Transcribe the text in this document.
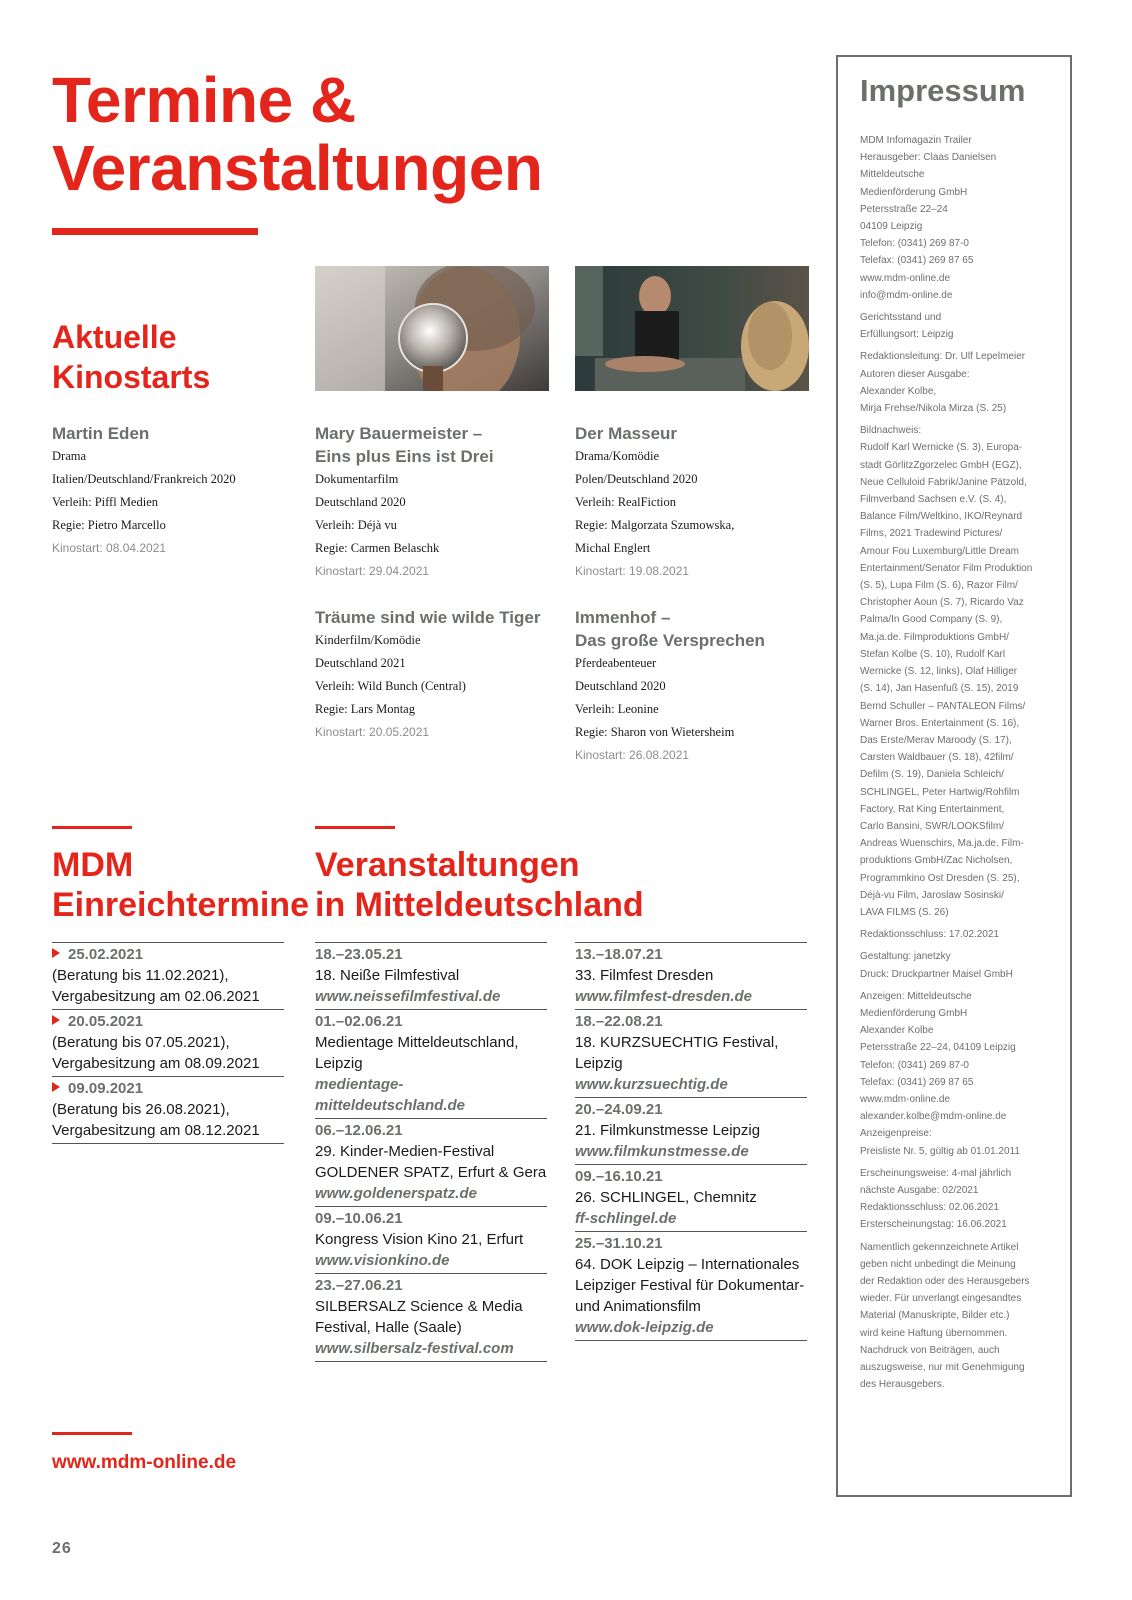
Termine &
Veranstaltungen
Aktuelle
Kinostarts
Martin Eden
Drama
Italien/Deutschland/Frankreich 2020
Verleih: Piffl Medien
Regie: Pietro Marcello
Kinostart: 08.04.2021
Mary Bauermeister –
Eins plus Eins ist Drei
Dokumentarfilm
Deutschland 2020
Verleih: Déjà vu
Regie: Carmen Belaschk
Kinostart: 29.04.2021
Der Masseur
Drama/Komödie
Polen/Deutschland 2020
Verleih: RealFiction
Regie: Malgorzata Szumowska,
Michal Englert
Kinostart: 19.08.2021
Träume sind wie wilde Tiger
Kinderfilm/Komödie
Deutschland 2021
Verleih: Wild Bunch (Central)
Regie: Lars Montag
Kinostart: 20.05.2021
Immenhof –
Das große Versprechen
Pferdeabenteuer
Deutschland 2020
Verleih: Leonine
Regie: Sharon von Wietersheim
Kinostart: 26.08.2021
MDM
Einreichtermine
25.02.2021
(Beratung bis 11.02.2021),
Vergabesitzung am 02.06.2021
20.05.2021
(Beratung bis 07.05.2021),
Vergabesitzung am 08.09.2021
09.09.2021
(Beratung bis 26.08.2021),
Vergabesitzung am 08.12.2021
Veranstaltungen
in Mitteldeutschland
18.–23.05.21
18. Neiße Filmfestival
www.neissefilmfestival.de
01.–02.06.21
Medientage Mitteldeutschland,
Leipzig
medientage-mitteldeutschland.de
06.–12.06.21
29. Kinder-Medien-Festival
GOLDENER SPATZ, Erfurt & Gera
www.goldenerspatz.de
09.–10.06.21
Kongress Vision Kino 21, Erfurt
www.visionkino.de
23.–27.06.21
SILBERSALZ Science & Media
Festival, Halle (Saale)
www.silbersalz-festival.com
13.–18.07.21
33. Filmfest Dresden
www.filmfest-dresden.de
18.–22.08.21
18. KURZSUECHTIG Festival,
Leipzig
www.kurzsuechtig.de
20.–24.09.21
21. Filmkunstmesse Leipzig
www.filmkunstmesse.de
09.–16.10.21
26. SCHLINGEL, Chemnitz
ff-schlingel.de
25.–31.10.21
64. DOK Leipzig – Internationales
Leipziger Festival für Dokumentar-
und Animationsfilm
www.dok-leipzig.de
Impressum
MDM Infomagazin Trailer
Herausgeber: Claas Danielsen
Mitteldeutsche
Medienförderung GmbH
Petersstraße 22–24
04109 Leipzig
Telefon: (0341) 269 87-0
Telefax: (0341) 269 87 65
www.mdm-online.de
info@mdm-online.de
Gerichtsstand und
Erfüllungsort: Leipzig
Redaktionsleitung: Dr. Ulf Lepelmeier
Autoren dieser Ausgabe:
Alexander Kolbe,
Mirja Frehse/Nikola Mirza (S. 25)
Bildnachweis:
Rudolf Karl Wernicke (S. 3), Europa-
stadt GörlitzZgorzelec GmbH (EGZ),
Neue Celluloid Fabrik/Janine Pätzold,
Filmverband Sachsen e.V. (S. 4),
Balance Film/Weltkino, IKO/Reynard
Films, 2021 Tradewind Pictures/
Amour Fou Luxemburg/Little Dream
Entertainment/Senator Film Produktion
(S. 5), Lupa Film (S. 6), Razor Film/
Christopher Aoun (S. 7), Ricardo Vaz
Palma/In Good Company (S. 9),
Ma.ja.de. Filmproduktions GmbH/
Stefan Kolbe (S. 10), Rudolf Karl
Wernicke (S. 12, links), Olaf Hilliger
(S. 14), Jan Hasenfuß (S. 15), 2019
Bernd Schuller – PANTALEON Films/
Warner Bros. Entertainment (S. 16),
Das Erste/Merav Maroody (S. 17),
Carsten Waldbauer (S. 18), 42film/
Defilm (S. 19), Daniela Schleich/
SCHLINGEL, Peter Hartwig/Rohfilm
Factory, Rat King Entertainment,
Carlo Bansini, SWR/LOOKSfilm/
Andreas Wuenschirs, Ma.ja.de. Film-
produktions GmbH/Zac Nicholsen,
Programmkino Ost Dresden (S. 25),
Déjà-vu Film, Jaroslaw Sosinski/
LAVA FILMS (S. 26)
Redaktionsschluss: 17.02.2021
Gestaltung: janetzky
Druck: Druckpartner Maisel GmbH
Anzeigen: Mitteldeutsche
Medienförderung GmbH
Alexander Kolbe
Petersstraße 22–24, 04109 Leipzig
Telefon: (0341) 269 87-0
Telefax: (0341) 269 87 65
www.mdm-online.de
alexander.kolbe@mdm-online.de
Anzeigenpreise:
Preisliste Nr. 5, gültig ab 01.01.2011
Erscheinungsweise: 4-mal jährlich
nächste Ausgabe: 02/2021
Redaktionsschluss: 02.06.2021
Ersterscheinungstag: 16.06.2021
Namentlich gekennzeichnete Artikel
geben nicht unbedingt die Meinung
der Redaktion oder des Herausgebers
wieder. Für unverlangt eingesandtes
Material (Manuskripte, Bilder etc.)
wird keine Haftung übernommen.
Nachdruck von Beiträgen, auch
auszugsweise, nur mit Genehmigung
des Herausgebers.
www.mdm-online.de
26
